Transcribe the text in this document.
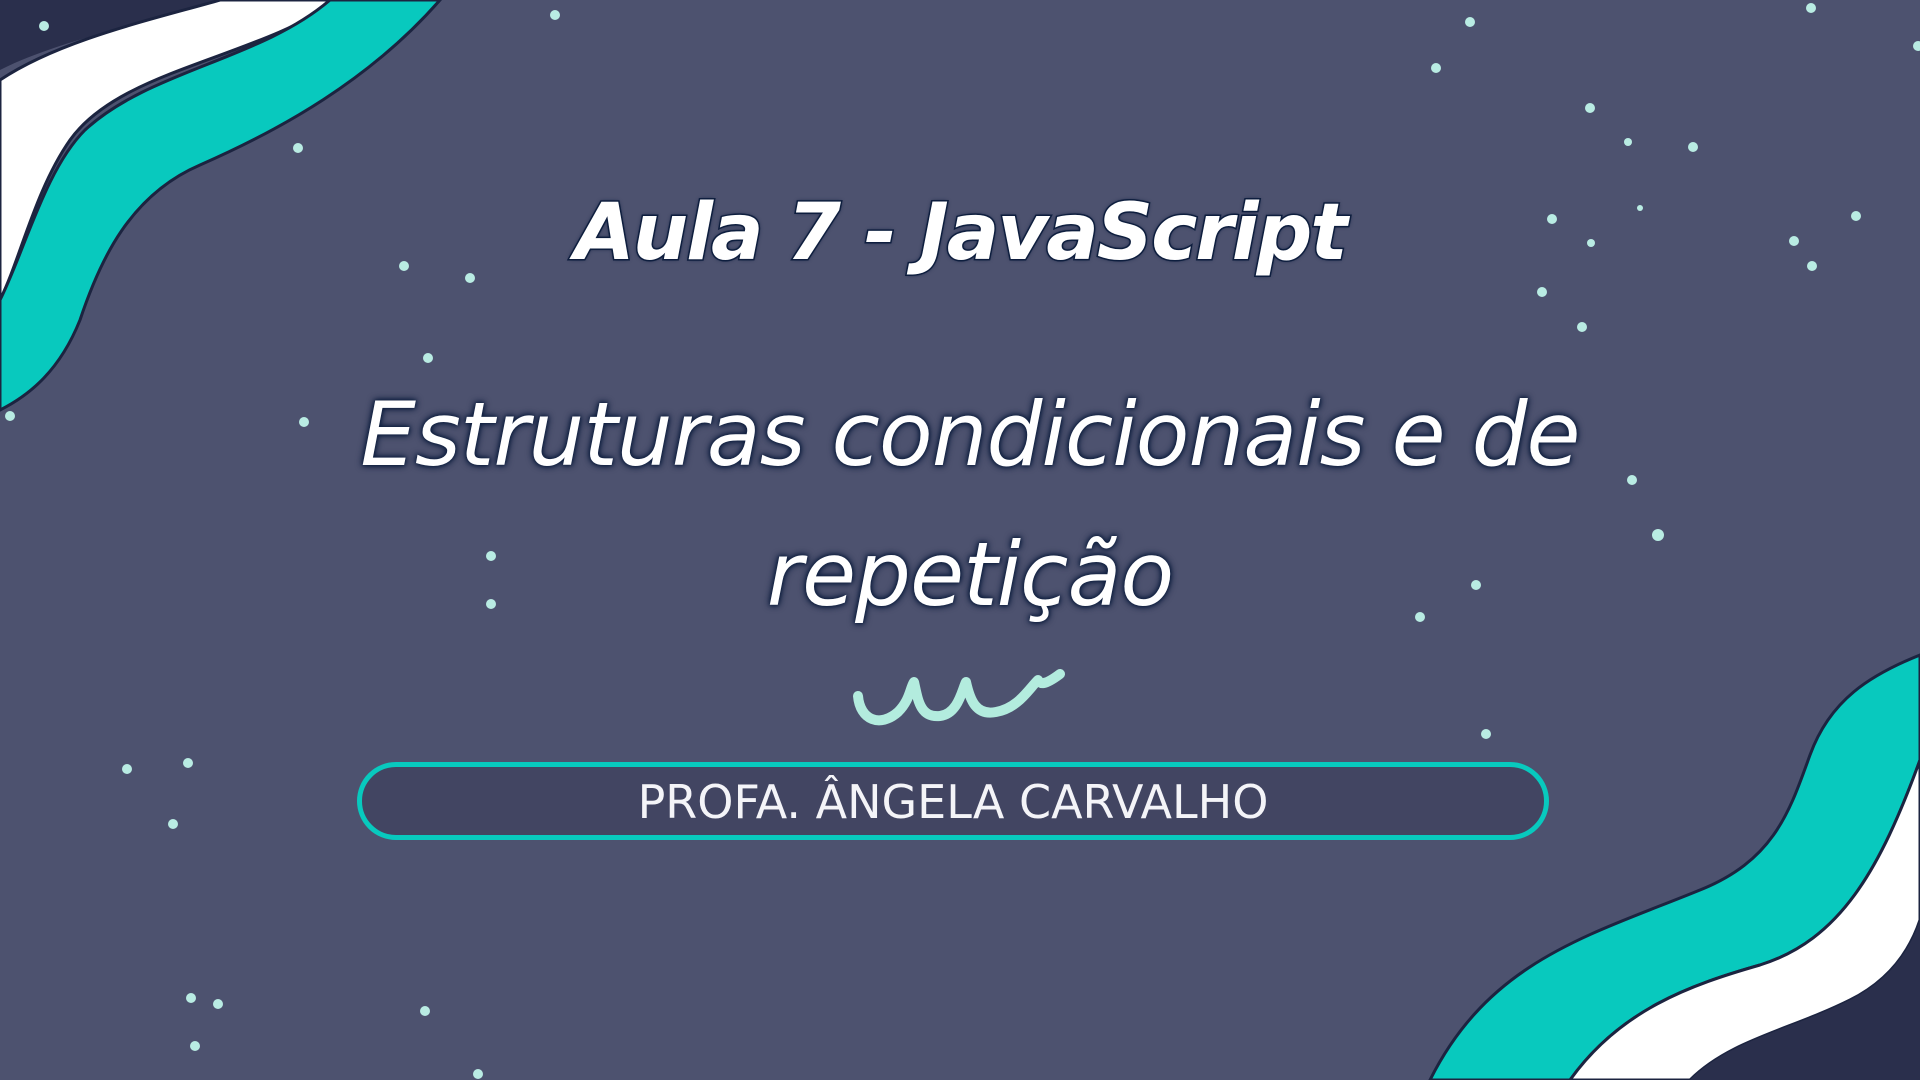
Aula 7 - JavaScript
Estruturas condicionais e de
repetição
PROFA. ÂNGELA CARVALHO
